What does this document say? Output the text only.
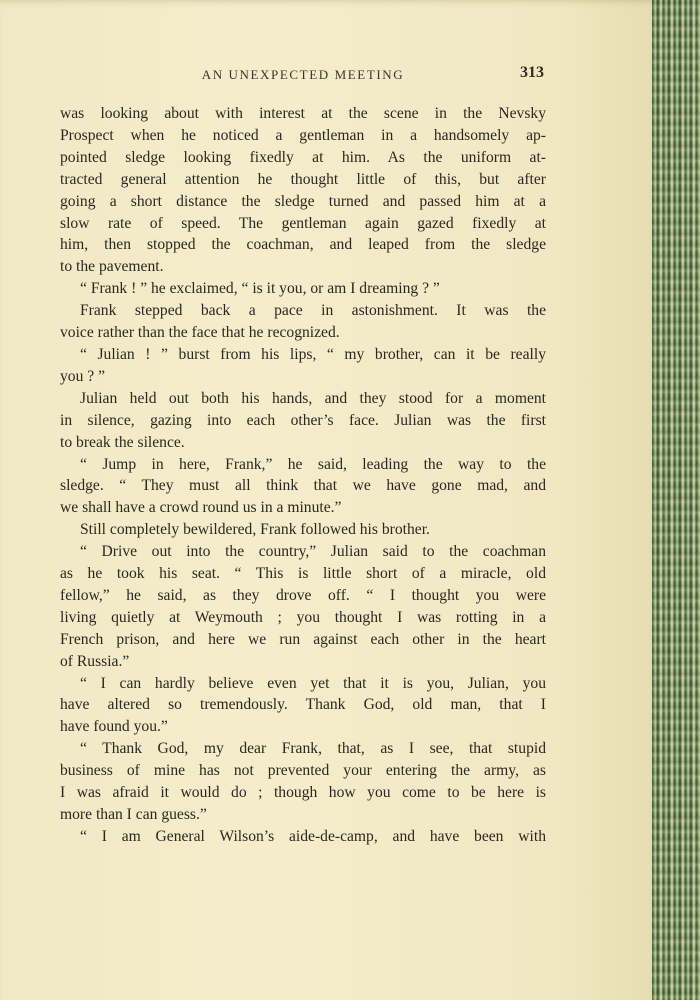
AN UNEXPECTED MEETING	313

was looking about with interest at the scene in the Nevsky

Prospect when he noticed a gentleman in a handsomely ap-

pointed sledge looking fixedly at him. As the uniform at-

tracted general attention he thought little of this, but after

going a short distance the sledge turned and passed him at a

slow rate of speed. The gentleman again gazed fixedly at

him, then stopped the coachman, and leaped from the sledge

to the pavement.

“ Frank ! ” he exclaimed, “ is it you, or am I dreaming ? ”

Frank stepped back a pace in astonishment. It was the

voice rather than the face that he recognized.

“ Julian ! ” burst from his lips, “ my brother, can it be really

you ? ”

Julian held out both his hands, and they stood for a moment

in silence, gazing into each other’s face. Julian was the first

to break the silence.

“ Jump in here, Frank,” he said, leading the way to the

sledge. “ They must all think that we have gone mad, and

we shall have a crowd round us in a minute.”

Still completely bewildered, Frank followed his brother.

“ Drive out into the country,” Julian said to the coachman

as he took his seat. “ This is little short of a miracle, old

fellow,” he said, as they drove off. “ I thought you were

living quietly at Weymouth ; you thought I was rotting in a

French prison, and here we run against each other in the heart

of Russia.”

“ I can hardly believe even yet that it is you, Julian, you

have altered so tremendously. Thank God, old man, that I

have found you.”

“ Thank God, my dear Frank, that, as I see, that stupid

business of mine has not prevented your entering the army, as

I was afraid it would do ; though how you come to be here is

more than I can guess.”

“ I am General Wilson’s aide-de-camp, and have been with
